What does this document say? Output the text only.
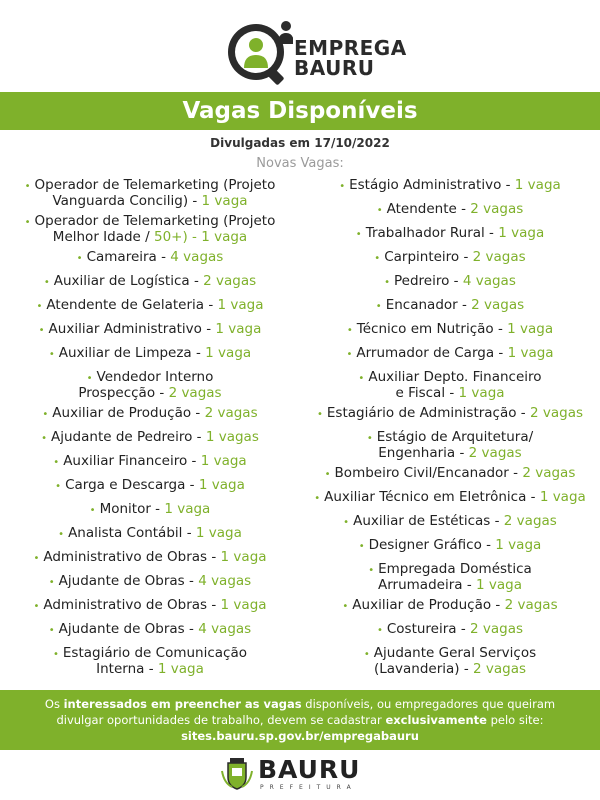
EMPREGA
BAURU
Vagas Disponíveis
Divulgadas em 17/10/2022
Novas Vagas:
• Operador de Telemarketing (Projeto
Vanguarda Concilig) - 1 vaga
• Operador de Telemarketing (Projeto
Melhor Idade / 50+) - 1 vaga
• Camareira - 4 vagas
• Auxiliar de Logística - 2 vagas
• Atendente de Gelateria - 1 vaga
• Auxiliar Administrativo - 1 vaga
• Auxiliar de Limpeza - 1 vaga
• Vendedor Interno
Prospecção - 2 vagas
• Auxiliar de Produção - 2 vagas
• Ajudante de Pedreiro - 1 vagas
• Auxiliar Financeiro - 1 vaga
• Carga e Descarga - 1 vaga
• Monitor - 1 vaga
• Analista Contábil - 1 vaga
• Administrativo de Obras - 1 vaga
• Ajudante de Obras - 4 vagas
• Administrativo de Obras - 1 vaga
• Ajudante de Obras - 4 vagas
• Estagiário de Comunicação
Interna - 1 vaga
• Estágio Administrativo - 1 vaga
• Atendente - 2 vagas
• Trabalhador Rural - 1 vaga
• Carpinteiro - 2 vagas
• Pedreiro - 4 vagas
• Encanador - 2 vagas
• Técnico em Nutrição - 1 vaga
• Arrumador de Carga - 1 vaga
• Auxiliar Depto. Financeiro
e Fiscal - 1 vaga
• Estagiário de Administração - 2 vagas
• Estágio de Arquitetura/
Engenharia - 2 vagas
• Bombeiro Civil/Encanador - 2 vagas
• Auxiliar Técnico em Eletrônica - 1 vaga
• Auxiliar de Estéticas - 2 vagas
• Designer Gráfico - 1 vaga
• Empregada Doméstica
Arrumadeira - 1 vaga
• Auxiliar de Produção - 2 vagas
• Costureira - 2 vagas
• Ajudante Geral Serviços
(Lavanderia) - 2 vagas
Os interessados em preencher as vagas disponíveis, ou empregadores que queiram
divulgar oportunidades de trabalho, devem se cadastrar exclusivamente pelo site:
sites.bauru.sp.gov.br/empregabauru
BAURU
PREFEITURA
